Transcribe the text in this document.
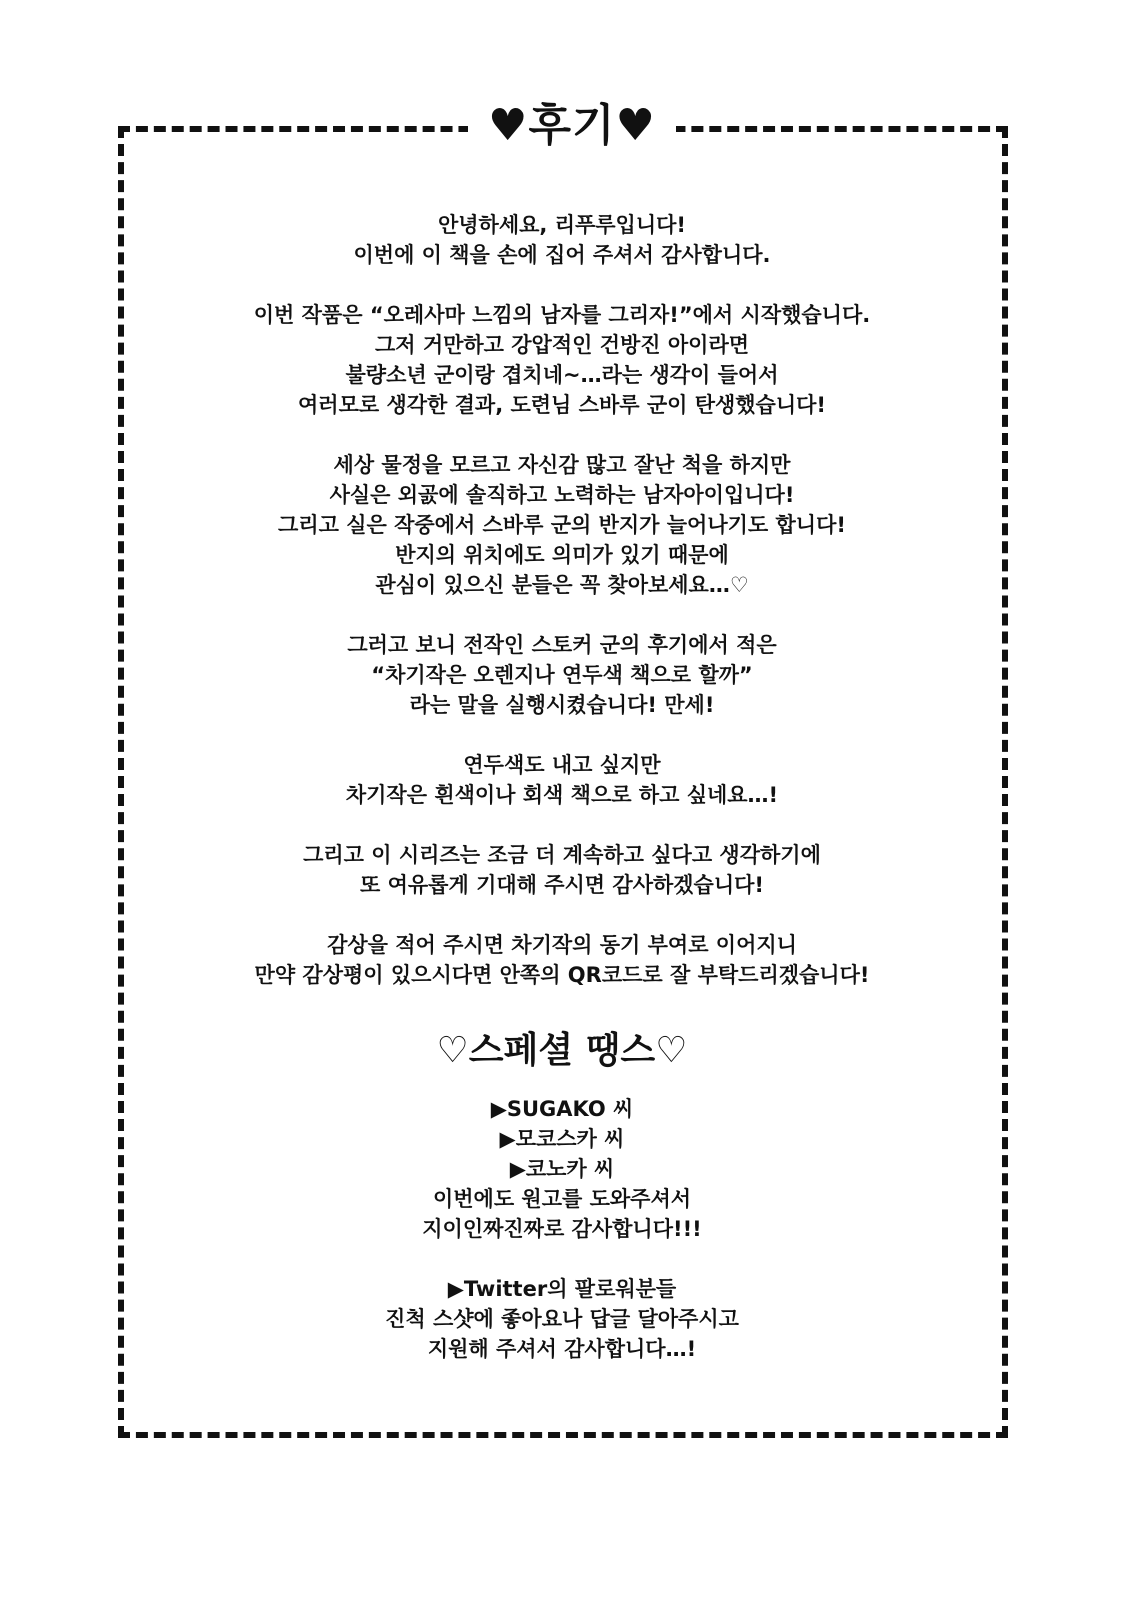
♥후기♥
안녕하세요, 리푸루입니다!
이번에 이 책을 손에 집어 주셔서 감사합니다.
이번 작품은 “오레사마 느낌의 남자를 그리자!”에서 시작했습니다.
그저 거만하고 강압적인 건방진 아이라면
불량소년 군이랑 겹치네~…라는 생각이 들어서
여러모로 생각한 결과, 도련님 스바루 군이 탄생했습니다!
세상 물정을 모르고 자신감 많고 잘난 척을 하지만
사실은 외곬에 솔직하고 노력하는 남자아이입니다!
그리고 실은 작중에서 스바루 군의 반지가 늘어나기도 합니다!
반지의 위치에도 의미가 있기 때문에
관심이 있으신 분들은 꼭 찾아보세요…♡
그러고 보니 전작인 스토커 군의 후기에서 적은
“차기작은 오렌지나 연두색 책으로 할까”
라는 말을 실행시켰습니다! 만세!
연두색도 내고 싶지만
차기작은 흰색이나 회색 책으로 하고 싶네요…!
그리고 이 시리즈는 조금 더 계속하고 싶다고 생각하기에
또 여유롭게 기대해 주시면 감사하겠습니다!
감상을 적어 주시면 차기작의 동기 부여로 이어지니
만약 감상평이 있으시다면 안쪽의 QR코드로 잘 부탁드리겠습니다!
♡스페셜 땡스♡
▶SUGAKO 씨
▶모코스카 씨
▶코노카 씨
이번에도 원고를 도와주셔서
지이인짜진짜로 감사합니다!!!
▶Twitter의 팔로워분들
진척 스샷에 좋아요나 답글 달아주시고
지원해 주셔서 감사합니다…!
